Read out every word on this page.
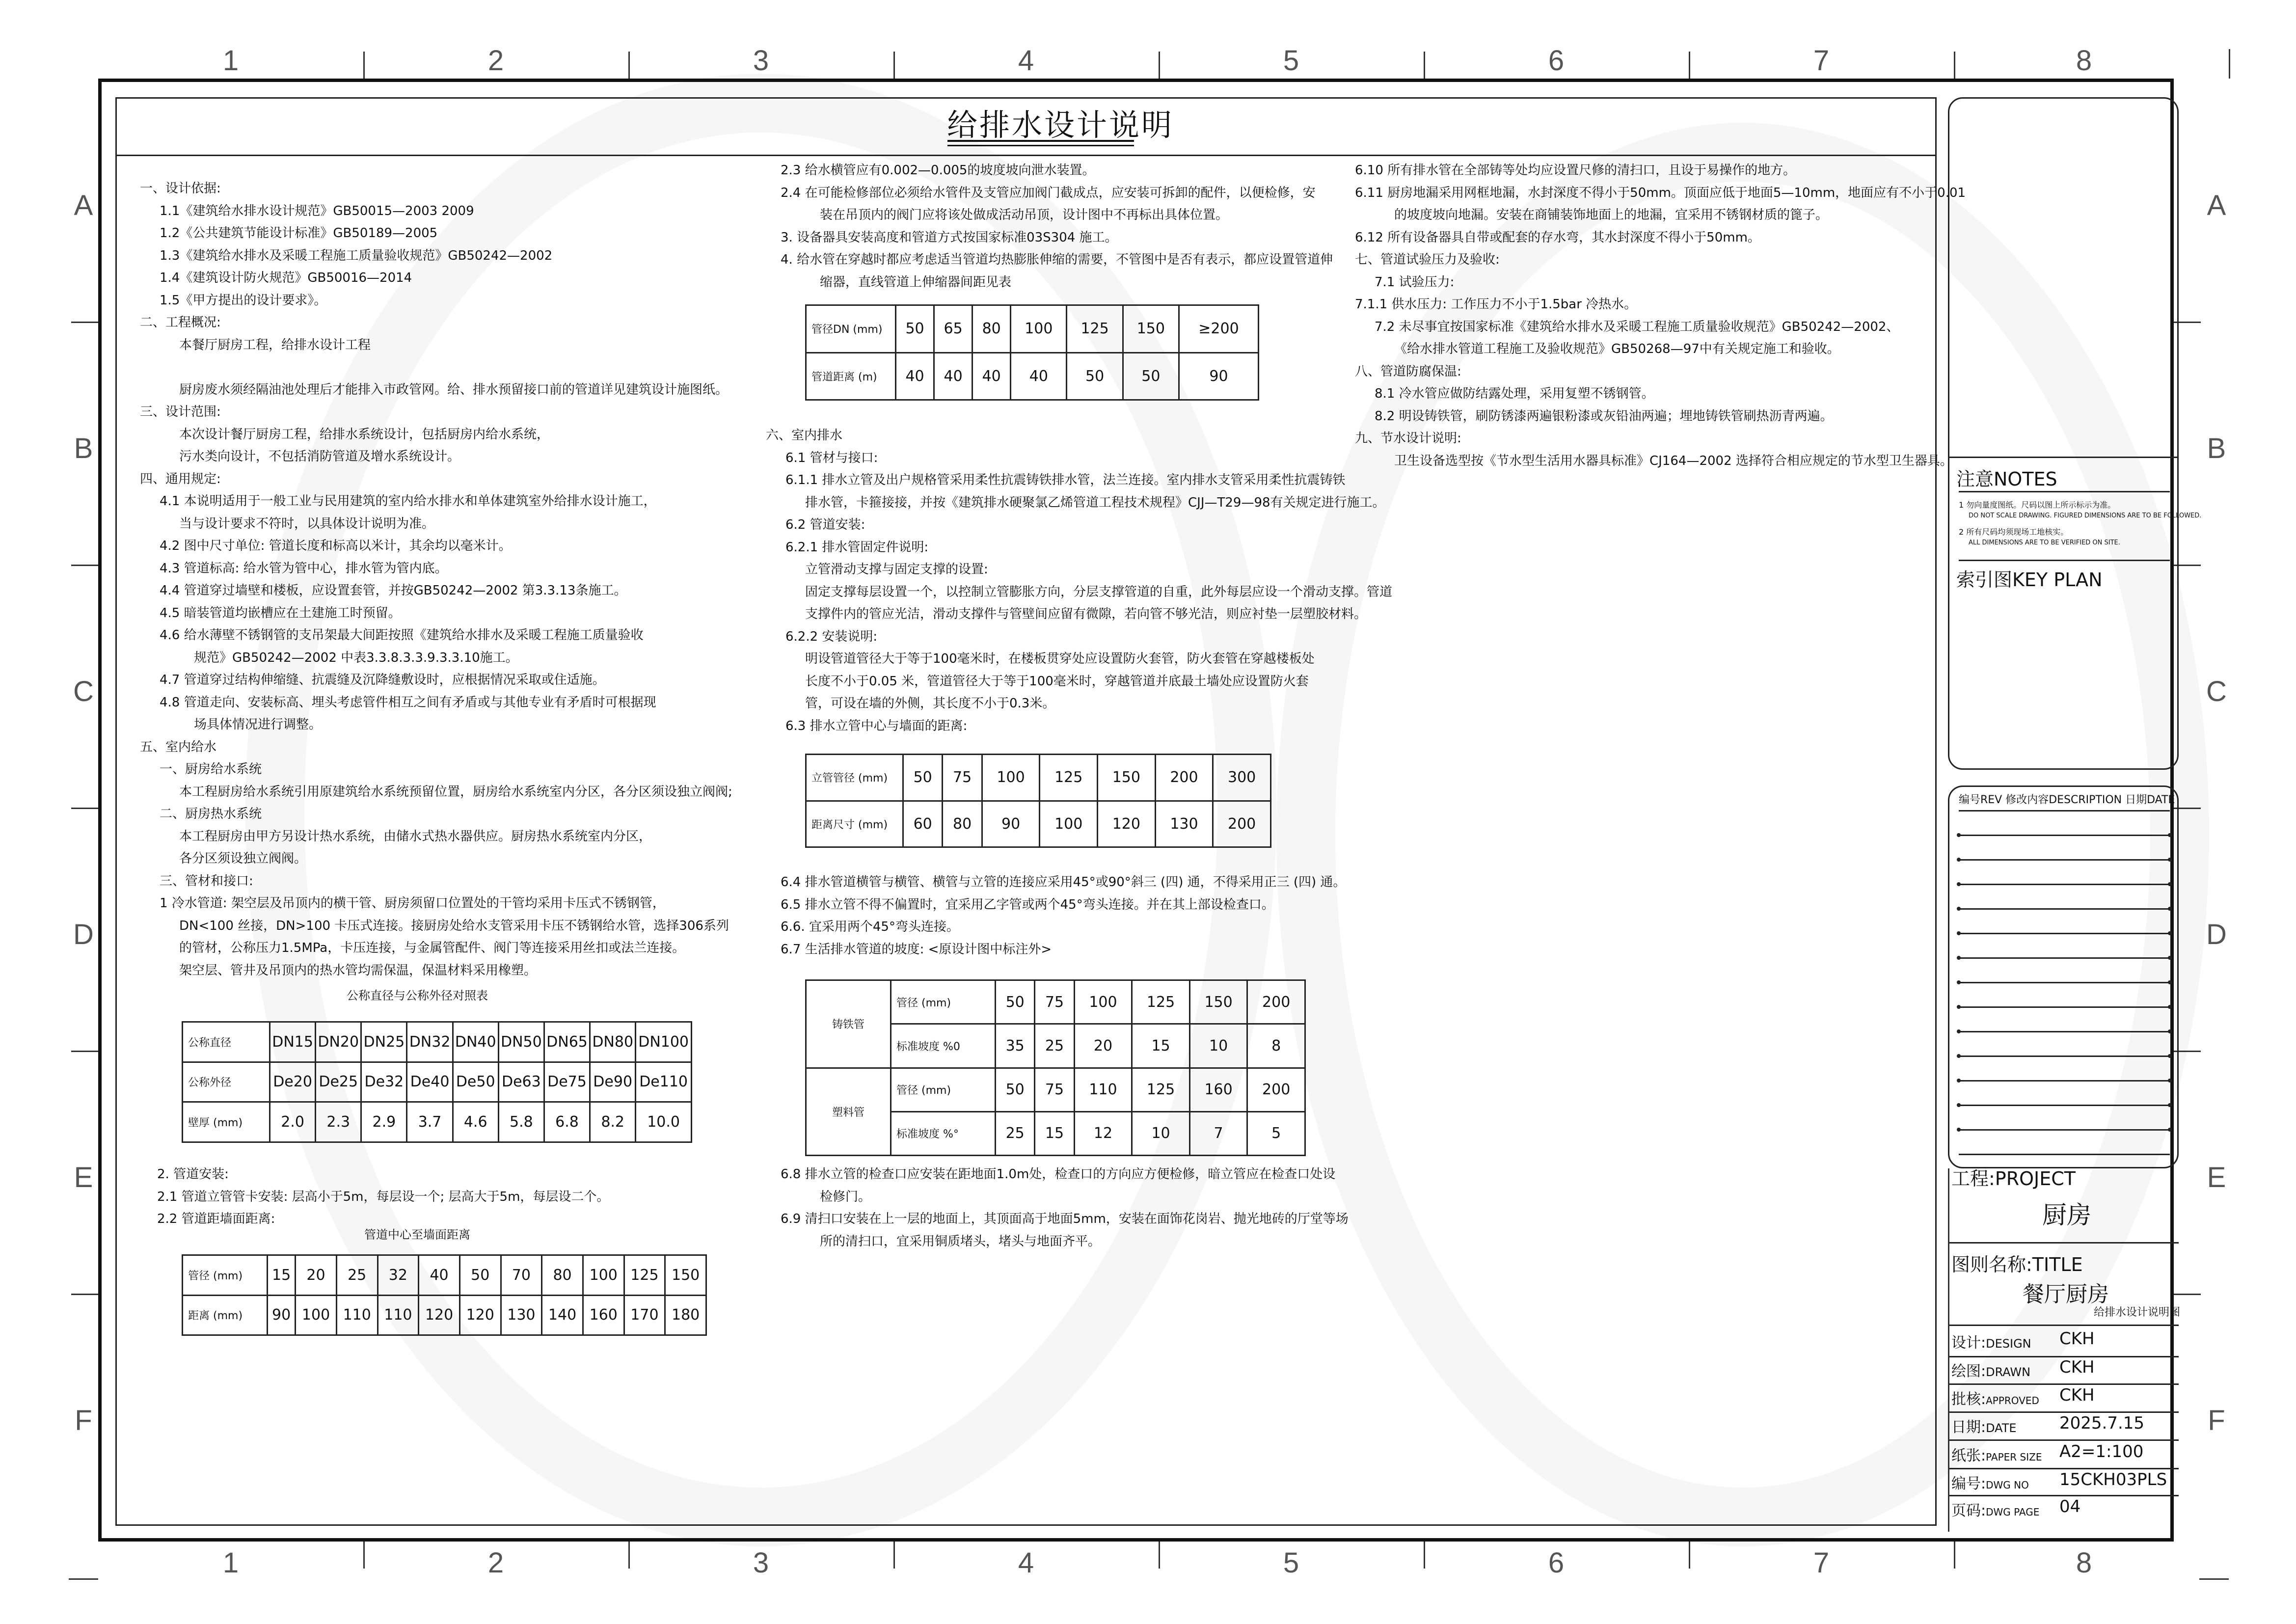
1	2	3	4	5	6	7	8
1	2	3	4	5	6	7	8
A
B
C
D
E
F
A
B
C
D
E
F
给排水设计说明
一、设计依据:
1.1《建筑给水排水设计规范》GB50015—2003 2009
1.2《公共建筑节能设计标准》GB50189—2005
1.3《建筑给水排水及采暖工程施工质量验收规范》GB50242—2002
1.4《建筑设计防火规范》GB50016—2014
1.5《甲方提出的设计要求》。
二、工程概况:
本餐厅厨房工程，给排水设计工程
厨房废水须经隔油池处理后才能排入市政管网。给、排水预留接口前的管道详见建筑设计施图纸。
三、设计范围:
本次设计餐厅厨房工程，给排水系统设计，包括厨房内给水系统，
污水类向设计，不包括消防管道及增水系统设计。
四、通用规定:
4.1 本说明适用于一般工业与民用建筑的室内给水排水和单体建筑室外给排水设计施工，
当与设计要求不符时，以具体设计说明为准。
4.2 图中尺寸单位: 管道长度和标高以米计，其余均以毫米计。
4.3 管道标高: 给水管为管中心，排水管为管内底。
4.4 管道穿过墙壁和楼板，应设置套管，并按GB50242—2002 第3.3.13条施工。
4.5 暗装管道均嵌槽应在土建施工时预留。
4.6 给水薄壁不锈钢管的支吊架最大间距按照《建筑给水排水及采暖工程施工质量验收
规范》GB50242—2002 中表3.3.8.3.3.9.3.3.10施工。
4.7 管道穿过结构伸缩缝、抗震缝及沉降缝敷设时，应根据情况采取或住适施。
4.8 管道走向、安装标高、埋头考虑管件相互之间有矛盾或与其他专业有矛盾时可根据现
场具体情况进行调整。
五、室内给水
一、厨房给水系统
本工程厨房给水系统引用原建筑给水系统预留位置，厨房给水系统室内分区，各分区须设独立阀阀;
二、厨房热水系统
本工程厨房由甲方另设计热水系统，由储水式热水器供应。厨房热水系统室内分区，
各分区须设独立阀阀。
三、管材和接口:
1 冷水管道: 架空层及吊顶内的横干管、厨房须留口位置处的干管均采用卡压式不锈钢管，
DN<100 丝接，DN>100 卡压式连接。接厨房处给水支管采用卡压不锈钢给水管，选择306系列
的管材，公称压力1.5MPa，卡压连接，与金属管配件、阀门等连接采用丝扣或法兰连接。
架空层、管井及吊顶内的热水管均需保温，保温材料采用橡塑。
公称直径与公称外径对照表
公称直径	DN15	DN20	DN25	DN32	DN40	DN50	DN65	DN80	DN100
公称外径	De20	De25	De32	De40	De50	De63	De75	De90	De110
壁厚 (mm)	2.0	2.3	2.9	3.7	4.6	5.8	6.8	8.2	10.0
2. 管道安装:
2.1 管道立管管卡安装: 层高小于5m，每层设一个; 层高大于5m，每层设二个。
2.2 管道距墙面距离:
管道中心至墙面距离
管径 (mm)	15	20	25	32	40	50	70	80	100	125	150
距离 (mm)	90	100	110	110	120	120	130	140	160	170	180
2.3 给水横管应有0.002—0.005的坡度坡向泄水装置。
2.4 在可能检修部位必须给水管件及支管应加阀门截成点，应安装可拆卸的配件，以便检修，安
装在吊顶内的阀门应将该处做成活动吊顶，设计图中不再标出具体位置。
3. 设备器具安装高度和管道方式按国家标准03S304 施工。
4. 给水管在穿越时都应考虑适当管道均热膨胀伸缩的需要，不管图中是否有表示，都应设置管道伸
缩器，直线管道上伸缩器间距见表
管径DN (mm)	50	65	80	100	125	150	≥200
管道距离 (m)	40	40	40	40	50	50	90
六、室内排水
6.1 管材与接口:
6.1.1 排水立管及出户规格管采用柔性抗震铸铁排水管，法兰连接。室内排水支管采用柔性抗震铸铁
排水管，卡箍接接，并按《建筑排水硬聚氯乙烯管道工程技术规程》CJJ—T29—98有关规定进行施工。
6.2 管道安装:
6.2.1 排水管固定件说明:
立管滑动支撑与固定支撑的设置:
固定支撑每层设置一个，以控制立管膨胀方向，分层支撑管道的自重，此外每层应设一个滑动支撑。管道
支撑件内的管应光洁，滑动支撑件与管壁间应留有微隙，若向管不够光洁，则应衬垫一层塑胶材料。
6.2.2 安装说明:
明设管道管径大于等于100毫米时，在楼板贯穿处应设置防火套管，防火套管在穿越楼板处
长度不小于0.05 米，管道管径大于等于100毫米时，穿越管道并底最土墙处应设置防火套
管，可设在墙的外侧，其长度不小于0.3米。
6.3 排水立管中心与墙面的距离:
立管管径 (mm)	50	75	100	125	150	200	300
距离尺寸 (mm)	60	80	90	100	120	130	200
6.4 排水管道横管与横管、横管与立管的连接应采用45°或90°斜三 (四) 通，不得采用正三 (四) 通。
6.5 排水立管不得不偏置时，宜采用乙字管或两个45°弯头连接。并在其上部设检查口。
6.6. 宜采用两个45°弯头连接。
6.7 生活排水管道的坡度: <原设计图中标注外>
铸铁管	管径 (mm)	50	75	100	125	150	200
	标准坡度 %0	35	25	20	15	10	8
塑料管	管径 (mm)	50	75	110	125	160	200
	标准坡度 %°	25	15	12	10	7	5
6.8 排水立管的检查口应安装在距地面1.0m处，检查口的方向应方便检修，暗立管应在检查口处设
检修门。
6.9 清扫口安装在上一层的地面上，其顶面高于地面5mm，安装在面饰花岗岩、抛光地砖的厅堂等场
所的清扫口，宜采用铜质堵头，堵头与地面齐平。
6.10 所有排水管在全部铸等处均应设置尺修的清扫口，且设于易操作的地方。
6.11 厨房地漏采用网框地漏，水封深度不得小于50mm。顶面应低于地面5—10mm，地面应有不小于0.01
的坡度坡向地漏。安装在商铺装饰地面上的地漏，宜采用不锈钢材质的篦子。
6.12 所有设备器具自带或配套的存水弯，其水封深度不得小于50mm。
七、管道试验压力及验收:
7.1 试验压力:
7.1.1 供水压力: 工作压力不小于1.5bar 冷热水。
7.2 未尽事宜按国家标准《建筑给水排水及采暖工程施工质量验收规范》GB50242—2002、
《给水排水管道工程施工及验收规范》GB50268—97中有关规定施工和验收。
八、管道防腐保温:
8.1 冷水管应做防结露处理，采用复塑不锈钢管。
8.2 明设铸铁管，刷防锈漆两遍银粉漆或灰铅油两遍；埋地铸铁管刷热沥青两遍。
九、节水设计说明:
卫生设备选型按《节水型生活用水器具标准》CJ164—2002 选择符合相应规定的节水型卫生器具。
注意NOTES
1 勿向量度图纸。尺码以图上所示标示为准。
DO NOT SCALE DRAWING. FIGURED DIMENSIONS ARE TO BE FOLLOWED.
2 所有尺码均须现场工地核实。
ALL DIMENSIONS ARE TO BE VERIFIED ON SITE.
索引图KEY PLAN
编号REV 修改内容DESCRIPTION 日期DATE
工程:PROJECT
厨房
图则名称:TITLE
餐厅厨房
给排水设计说明图
设计:DESIGN CKH
绘图:DRAWN CKH
批核:APPROVED CKH
日期:DATE	2025.7.15
纸张:PAPER SIZE A2=1:100
编号:DWG NO 15CKH03PLS
页码:DWG PAGE 04
